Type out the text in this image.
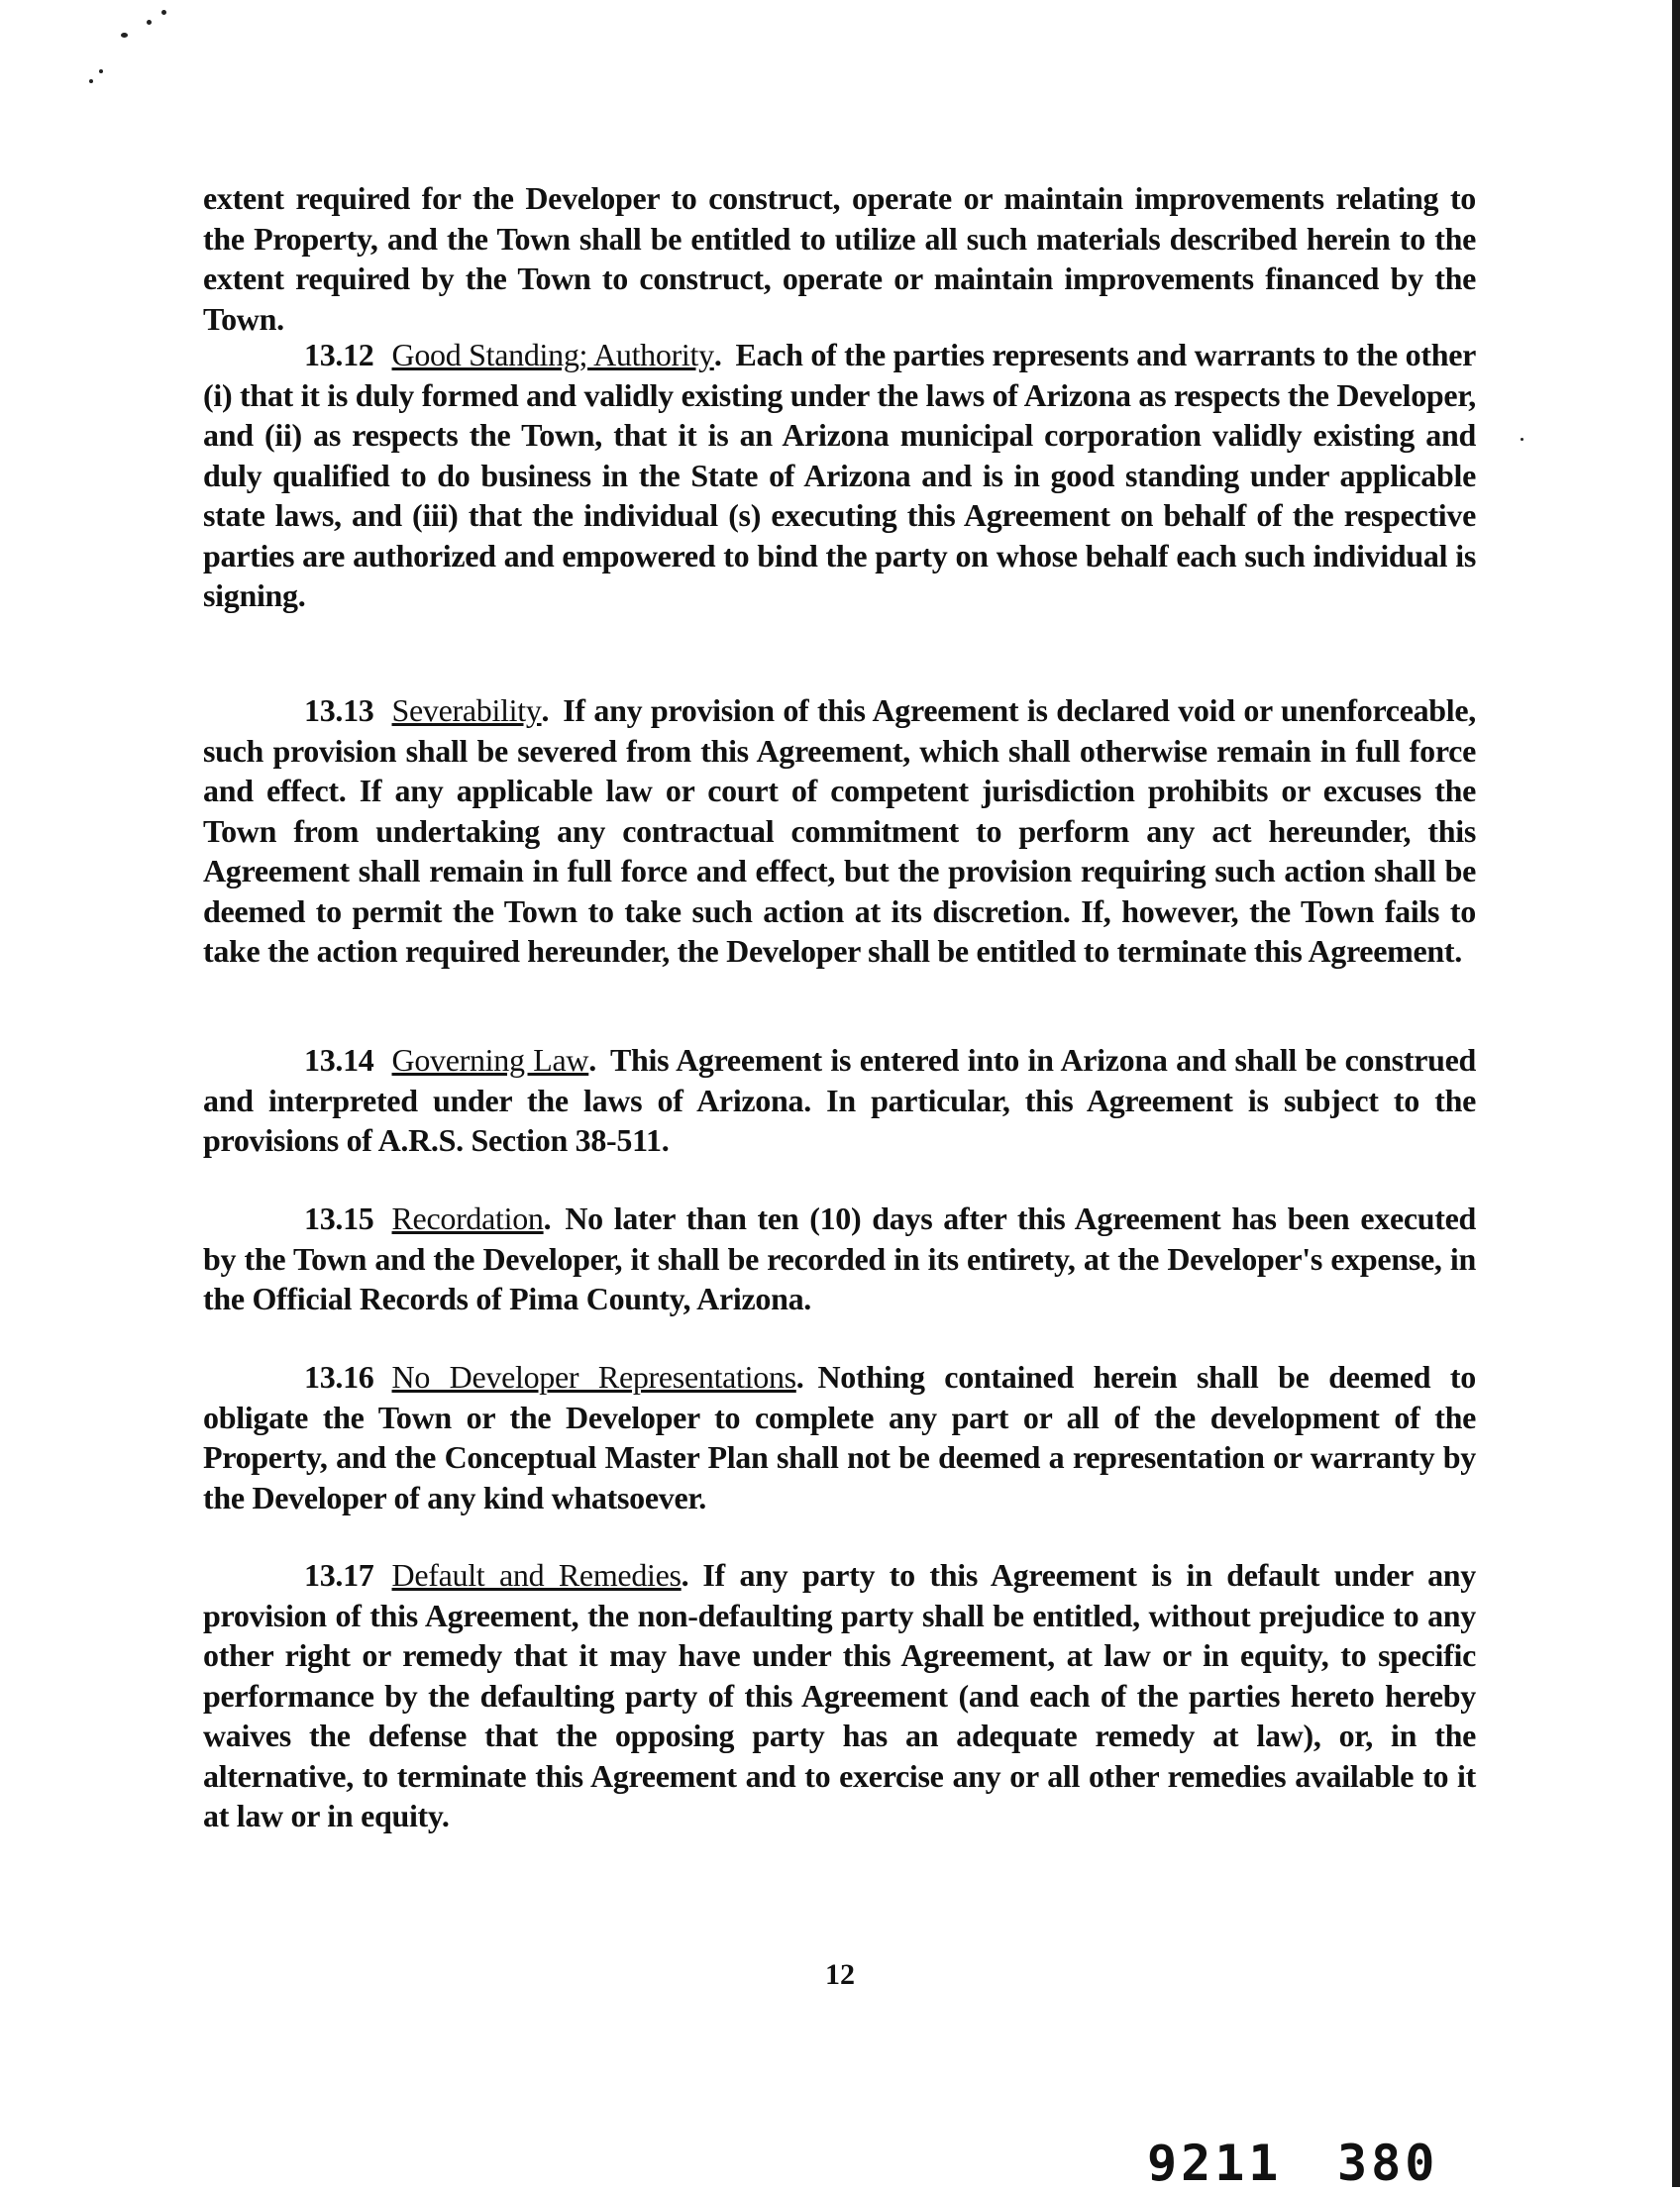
extent required for the Developer to construct, operate or maintain improvements relating to the Property, and the Town shall be entitled to utilize all such materials described herein to the extent required by the Town to construct, operate or maintain improvements financed by the Town.

13.12 Good Standing; Authority. Each of the parties represents and warrants to the other (i) that it is duly formed and validly existing under the laws of Arizona as respects the Developer, and (ii) as respects the Town, that it is an Arizona municipal corporation validly existing and duly qualified to do business in the State of Arizona and is in good standing under applicable state laws, and (iii) that the individual (s) executing this Agreement on behalf of the respective parties are authorized and empowered to bind the party on whose behalf each such individual is signing.

13.13 Severability. If any provision of this Agreement is declared void or unenforceable, such provision shall be severed from this Agreement, which shall otherwise remain in full force and effect. If any applicable law or court of competent jurisdiction prohibits or excuses the Town from undertaking any contractual commitment to perform any act hereunder, this Agreement shall remain in full force and effect, but the provision requiring such action shall be deemed to permit the Town to take such action at its discretion. If, however, the Town fails to take the action required hereunder, the Developer shall be entitled to terminate this Agreement.

13.14 Governing Law. This Agreement is entered into in Arizona and shall be construed and interpreted under the laws of Arizona. In particular, this Agreement is subject to the provisions of A.R.S. Section 38-511.

13.15 Recordation. No later than ten (10) days after this Agreement has been executed by the Town and the Developer, it shall be recorded in its entirety, at the Developer's expense, in the Official Records of Pima County, Arizona.

13.16 No Developer Representations. Nothing contained herein shall be deemed to obligate the Town or the Developer to complete any part or all of the development of the Property, and the Conceptual Master Plan shall not be deemed a representation or warranty by the Developer of any kind whatsoever.

13.17 Default and Remedies. If any party to this Agreement is in default under any provision of this Agreement, the non-defaulting party shall be entitled, without prejudice to any other right or remedy that it may have under this Agreement, at law or in equity, to specific performance by the defaulting party of this Agreement (and each of the parties hereto hereby waives the defense that the opposing party has an adequate remedy at law), or, in the alternative, to terminate this Agreement and to exercise any or all other remedies available to it at law or in equity.

12
9211 380
